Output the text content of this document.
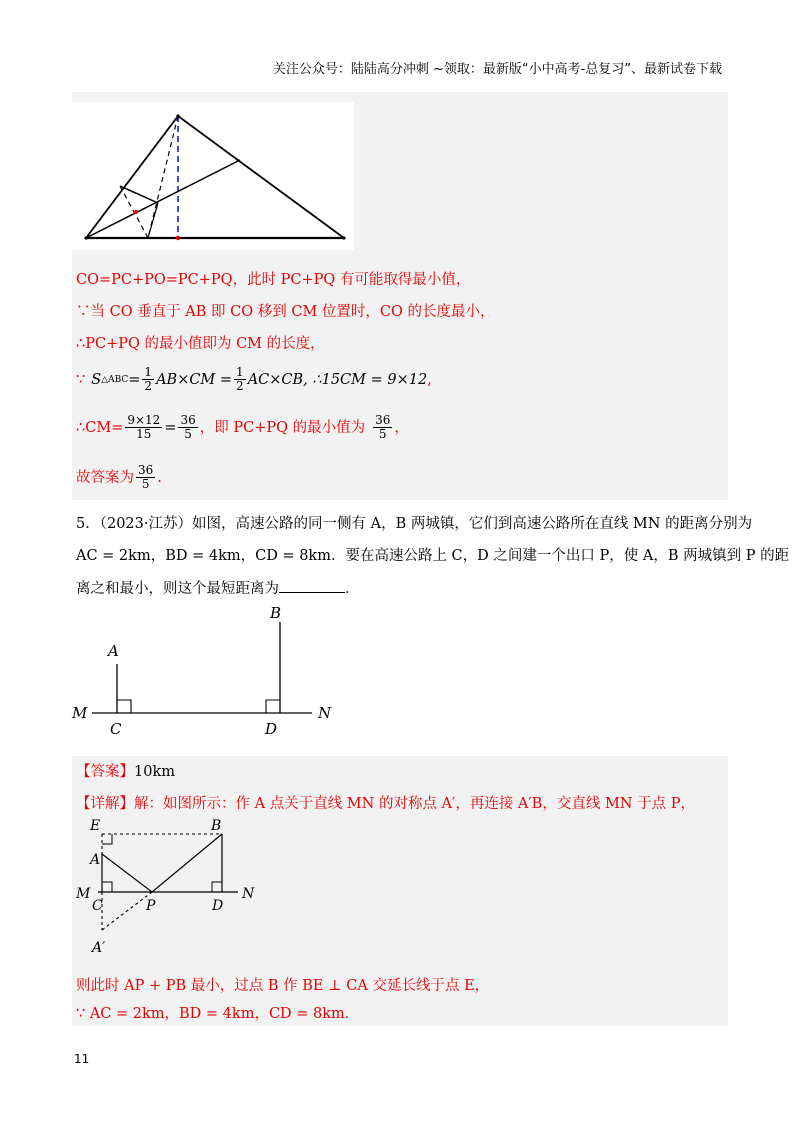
关注公众号：陆陆高分冲刺 ~领取：最新版“小中高考-总复习”、最新试卷下载
CO=PC+PO=PC+PQ，此时 PC+PQ 有可能取得最小值，
∵当 CO 垂直于 AB 即 CO 移到 CM 位置时，CO 的长度最小，
∴PC+PQ 的最小值即为 CM 的长度，
∵ S △ABC = $\frac{1}{2} AB\times CM = \frac{1}{2} AC\times CB$, ∴15CM = 9×12 ,
∴CM= $\frac{9\times 12}{15} = \frac{36}{5}$ ，即 PC+PQ 的最小值为 $\frac{36}{5}$ ，
故答案为 $\frac{36}{5}$ .
5．（2023·江苏）如图，高速公路的同一侧有 A，B 两城镇，它们到高速公路所在直线 MN 的距离分别为
AC = 2km，BD = 4km，CD = 8km．要在高速公路上 C，D 之间建一个出口 P，使 A，B 两城镇到 P 的距
离之和最小，则这个最短距离为	．
A
B
C	D
M	N
【答案】10km
【详解】解：如图所示：作 A 点关于直线 MN 的对称点 A′，再连接 A′B，交直线 MN 于点 P，
E	B
A
M
C	P	D
N
A′
则此时 AP + PB 最小，过点 B 作 BE ⊥ CA 交延长线于点 E，
∵ AC = 2km，BD = 4km，CD = 8km．
11
